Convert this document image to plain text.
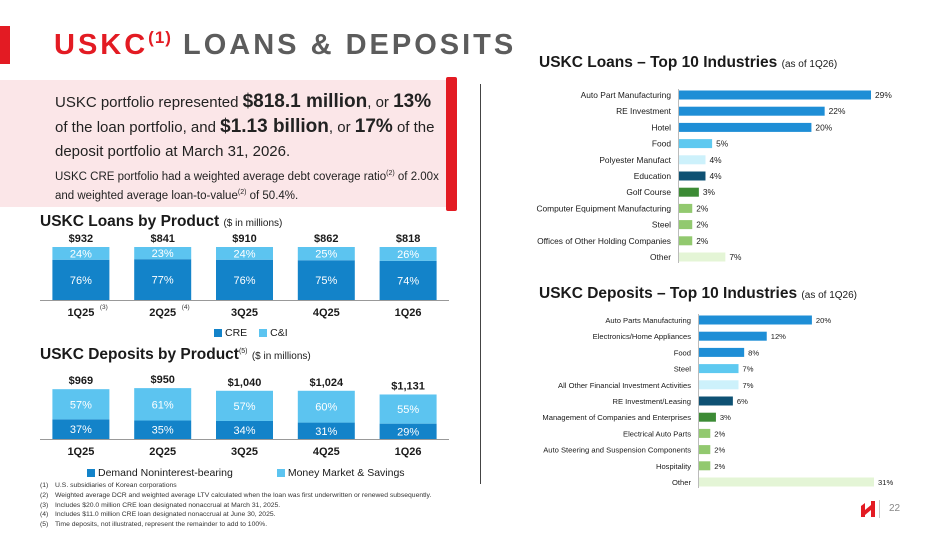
USKC$^{(1)}$ LOANS & DEPOSITS
USKC portfolio represented $818.1 million, or 13% of the loan portfolio, and $1.13 billion, or 17% of the deposit portfolio at March 31, 2026.
USKC CRE portfolio had a weighted average debt coverage ratio$^{(2)}$ of 2.00x and weighted average loan-to-value$^{(2)}$ of 50.4%.
USKC Loans by Product ($ in millions)
76%
24%
$932
1Q25 (3)
77%
23%
$841
2Q25 (4)
76%
24%
$910
3Q25
75%
25%
$862
4Q25
74%
26%
$818
1Q26
CRE C&I
USKC Deposits by Product$^{(5)}$ ($ in millions)
37%
57%
$969
1Q25
35%
61%
$950
2Q25
34%
57%
$1,040
3Q25
31%
60%
$1,024
4Q25
29%
55%
$1,131
1Q26
Demand Noninterest-bearing	Money Market & Savings
USKC Loans – Top 10 Industries (as of 1Q26)
Auto Part Manufacturing	29%
RE Investment	22%
Hotel	20%
Food	5%
Polyester Manufact	4%
Education	4%
Golf Course	3%
Computer Equipment Manufacturing	2%
Steel	2%
Offices of Other Holding Companies	2%
Other	7%
USKC Deposits – Top 10 Industries (as of 1Q26)
Auto Parts Manufacturing	20%
Electronics/Home Appliances	12%
Food	8%
Steel	7%
All Other Financial Investment Activities	7%
RE Investment/Leasing	6%
Management of Companies and Enterprises	3%
Electrical Auto Parts	2%
Auto Steering and Suspension Components	2%
Hospitality	2%
Other	31%
(1) U.S. subsidiaries of Korean corporations
(2) Weighted average DCR and weighted average LTV calculated when the loan was first underwritten or renewed subsequently.
(3) Includes $20.0 million CRE loan designated nonaccrual at March 31, 2025.
(4) Includes $11.0 million CRE loan designated nonaccrual at June 30, 2025.
(5) Time deposits, not illustrated, represent the remainder to add to 100%.
22
